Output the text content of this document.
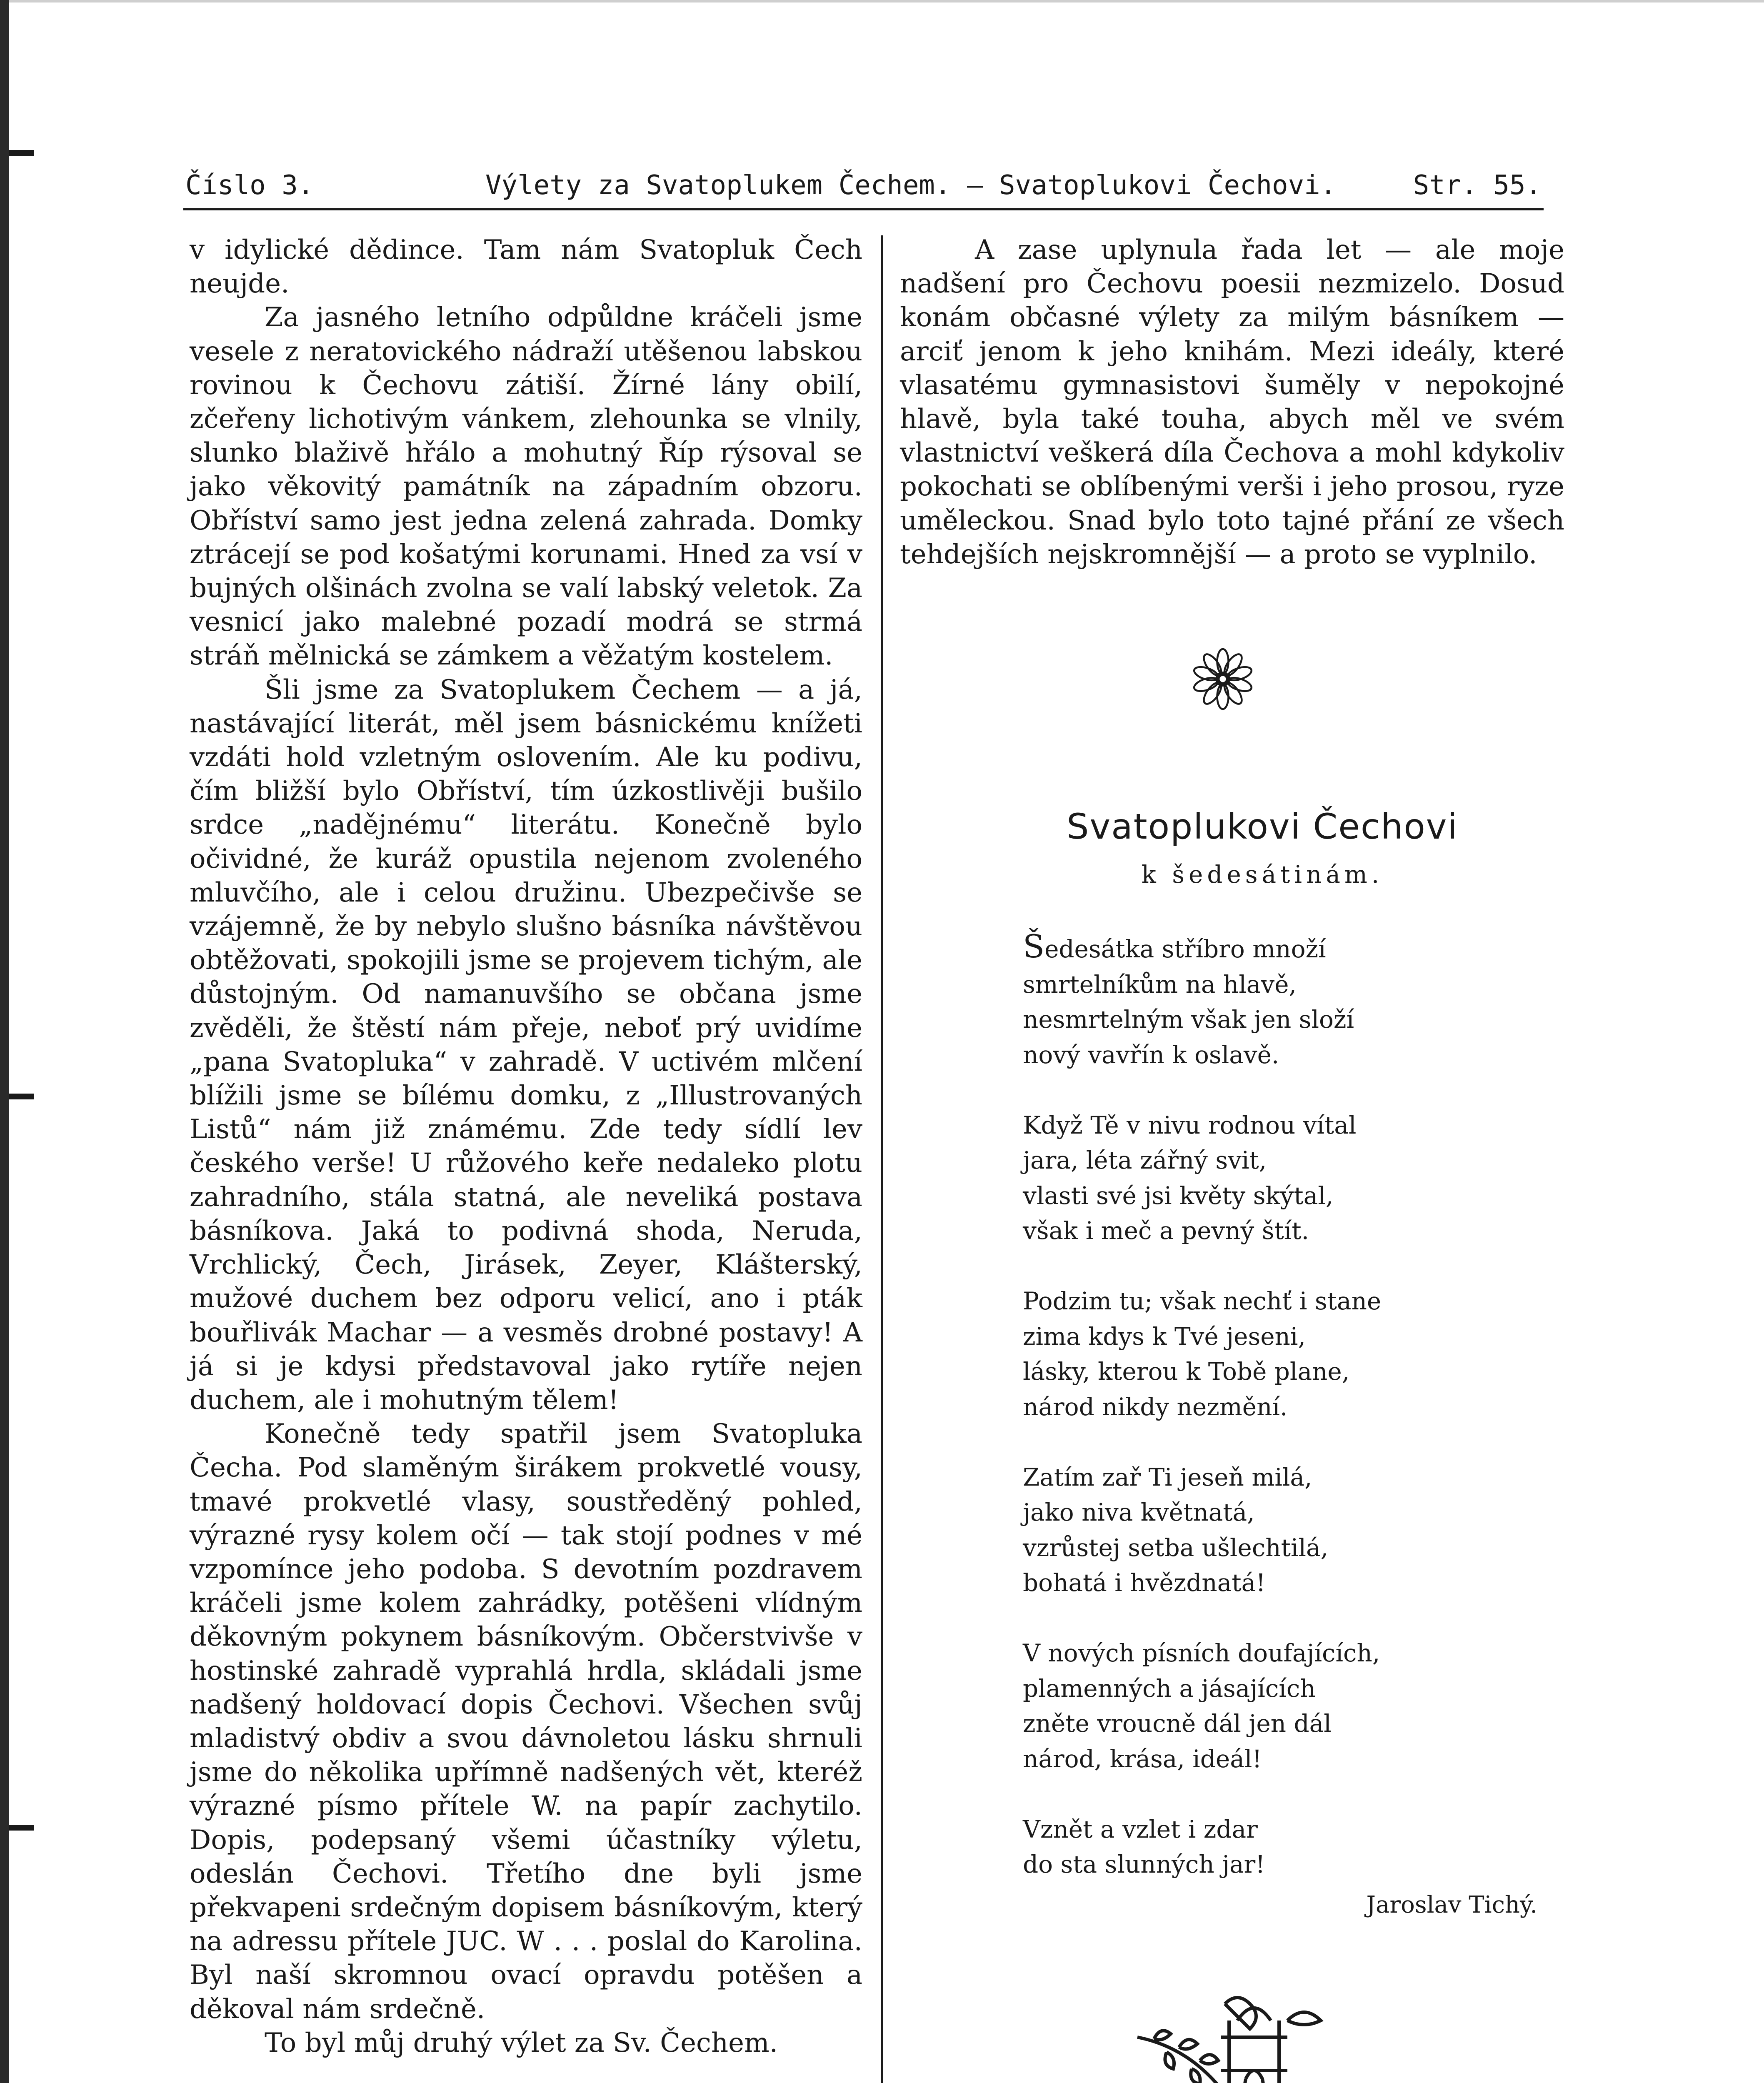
Číslo 3.	Výlety za Svatoplukem Čechem. — Svatoplukovi Čechovi.	Str. 55.

v idylické dědince. Tam nám Svatopluk Čech neujde.

Za jasného letního odpůldne kráčeli jsme vesele z neratovického nádraží utěšenou labskou rovinou k Čechovu zátiší. Žírné lány obilí, zčeřeny lichotivým vánkem, zlehounka se vlnily, slunko blaživě hřálo a mohutný Říp rýsoval se jako věkovitý památník na západním obzoru. Obříství samo jest jedna zelená zahrada. Domky ztrácejí se pod košatými korunami. Hned za vsí v bujných olšinách zvolna se valí labský veletok. Za vesnicí jako malebné pozadí modrá se strmá stráň mělnická se zámkem a věžatým kostelem.

Šli jsme za Svatoplukem Čechem — a já, nastávající literát, měl jsem básnickému knížeti vzdáti hold vzletným oslovením. Ale ku podivu, čím bližší bylo Obříství, tím úzkostlivěji bušilo srdce „nadějnému“ literátu. Konečně bylo očividné, že kuráž opustila nejenom zvoleného mluvčího, ale i celou družinu. Ubezpečivše se vzájemně, že by nebylo slušno básníka návštěvou obtěžovati, spokojili jsme se projevem tichým, ale důstojným. Od namanuvšího se občana jsme zvěděli, že štěstí nám přeje, neboť prý uvidíme „pana Svatopluka“ v zahradě. V uctivém mlčení blížili jsme se bílému domku, z „Illustrovaných Listů“ nám již známému. Zde tedy sídlí lev českého verše! U růžového keře nedaleko plotu zahradního, stála statná, ale neveliká postava básníkova. Jaká to podivná shoda, Neruda, Vrchlický, Čech, Jirásek, Zeyer, Klášterský, mužové duchem bez odporu velicí, ano i pták bouřlivák Machar — a vesměs drobné postavy! A já si je kdysi představoval jako rytíře nejen duchem, ale i mohutným tělem!

Konečně tedy spatřil jsem Svatopluka Čecha. Pod slaměným širákem prokvetlé vousy, tmavé prokvetlé vlasy, soustředěný pohled, výrazné rysy kolem očí — tak stojí podnes v mé vzpomínce jeho podoba. S devotním pozdravem kráčeli jsme kolem zahrádky, potěšeni vlídným děkovným pokynem básníkovým. Občerstvivše v hostinské zahradě vyprahlá hrdla, skládali jsme nadšený holdovací dopis Čechovi. Všechen svůj mladistvý obdiv a svou dávnoletou lásku shrnuli jsme do několika upřímně nadšených vět, kteréž výrazné písmo přítele W. na papír zachytilo. Dopis, podepsaný všemi účastníky výletu, odeslán Čechovi. Třetího dne byli jsme překvapeni srdečným dopisem básníkovým, který na adressu přítele JUC. W . . . poslal do Karolina. Byl naší skromnou ovací opravdu potěšen a děkoval nám srdečně.

To byl můj druhý výlet za Sv. Čechem.

A zase uplynula řada let — ale moje nadšení pro Čechovu poesii nezmizelo. Dosud konám občasné výlety za milým básníkem — arciť jenom k jeho knihám. Mezi ideály, které vlasatému gymnasistovi šuměly v nepokojné hlavě, byla také touha, abych měl ve svém vlastnictví veškerá díla Čechova a mohl kdykoliv pokochati se oblíbenými verši i jeho prosou, ryze uměleckou. Snad bylo toto tajné přání ze všech tehdejších nejskromnější — a proto se vyplnilo.

Svatoplukovi Čechovi
k šedesátinám.
Šedesátka stříbro množí
smrtelníkům na hlavě,
nesmrtelným však jen složí
nový vavřín k oslavě.
Když Tě v nivu rodnou vítal
jara, léta zářný svit,
vlasti své jsi květy skýtal,
však i meč a pevný štít.
Podzim tu; však nechť i stane
zima kdys k Tvé jeseni,
lásky, kterou k Tobě plane,
národ nikdy nezmění.
Zatím zař Ti jeseň milá,
jako niva květnatá,
vzrůstej setba ušlechtilá,
bohatá i hvězdnatá!
V nových písních doufajících,
plamenných a jásajících
zněte vroucně dál jen dál
národ, krása, ideál!
Vznět a vzlet i zdar
do sta slunných jar!
Jaroslav Tichý.
